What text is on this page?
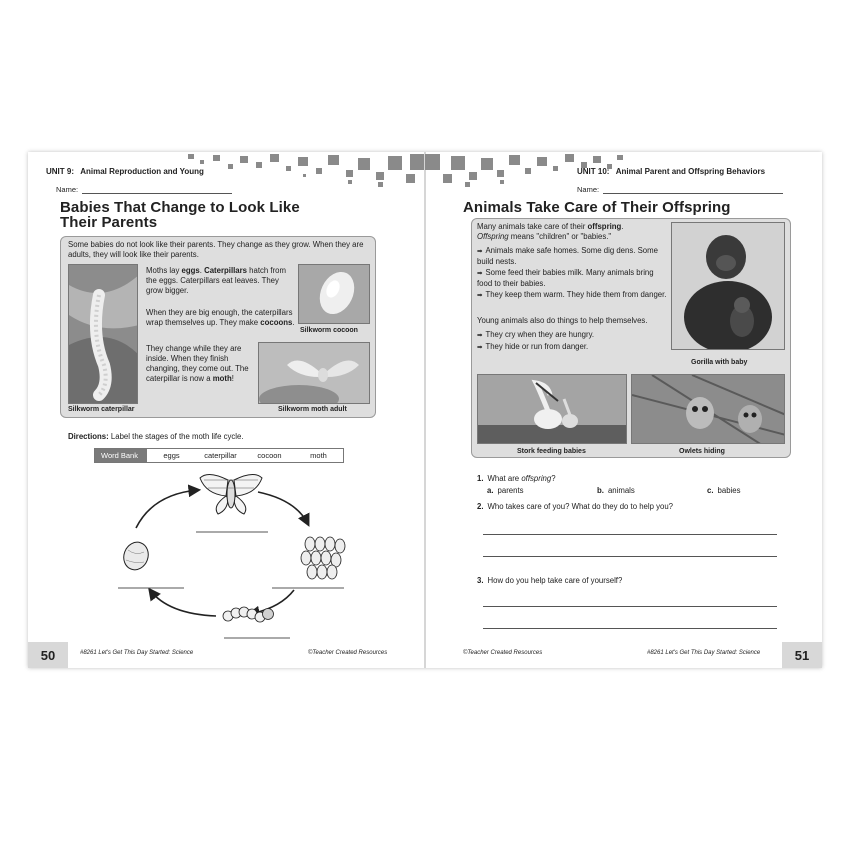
UNIT 9: Animal Reproduction and Young
Name:
Babies That Change to Look Like
Their Parents
Some babies do not look like their parents. They change as they grow. When they are adults, they will look like their parents.
Silkworm caterpillar
Moths lay eggs. Caterpillars hatch from the eggs. Caterpillars eat leaves. They grow bigger.
When they are big enough, the caterpillars wrap themselves up. They make cocoons.
They change while they are inside. When they finish changing, they come out. The caterpillar is now a moth!
Silkworm cocoon
Silkworm moth adult
Directions: Label the stages of the moth life cycle.
Word Bank	eggs	caterpillar	cocoon	moth
50	#8261 Let's Get This Day Started: Science	©Teacher Created Resources
UNIT 10: Animal Parent and Offspring Behaviors
Name:
Animals Take Care of Their Offspring
Many animals take care of their offspring.
Offspring means "children" or "babies."
➡ Animals make safe homes. Some dig dens. Some build nests.
➡ Some feed their babies milk. Many animals bring food to their babies.
➡ They keep them warm. They hide them from danger.
Young animals also do things to help themselves.
➡ They cry when they are hungry.
➡ They hide or run from danger.
Gorilla with baby
Stork feeding babies	Owlets hiding
1. What are offspring?
a. parents	b. animals	c. babies
2. Who takes care of you? What do they do to help you?
3. How do you help take care of yourself?
©Teacher Created Resources	#8261 Let's Get This Day Started: Science	51
